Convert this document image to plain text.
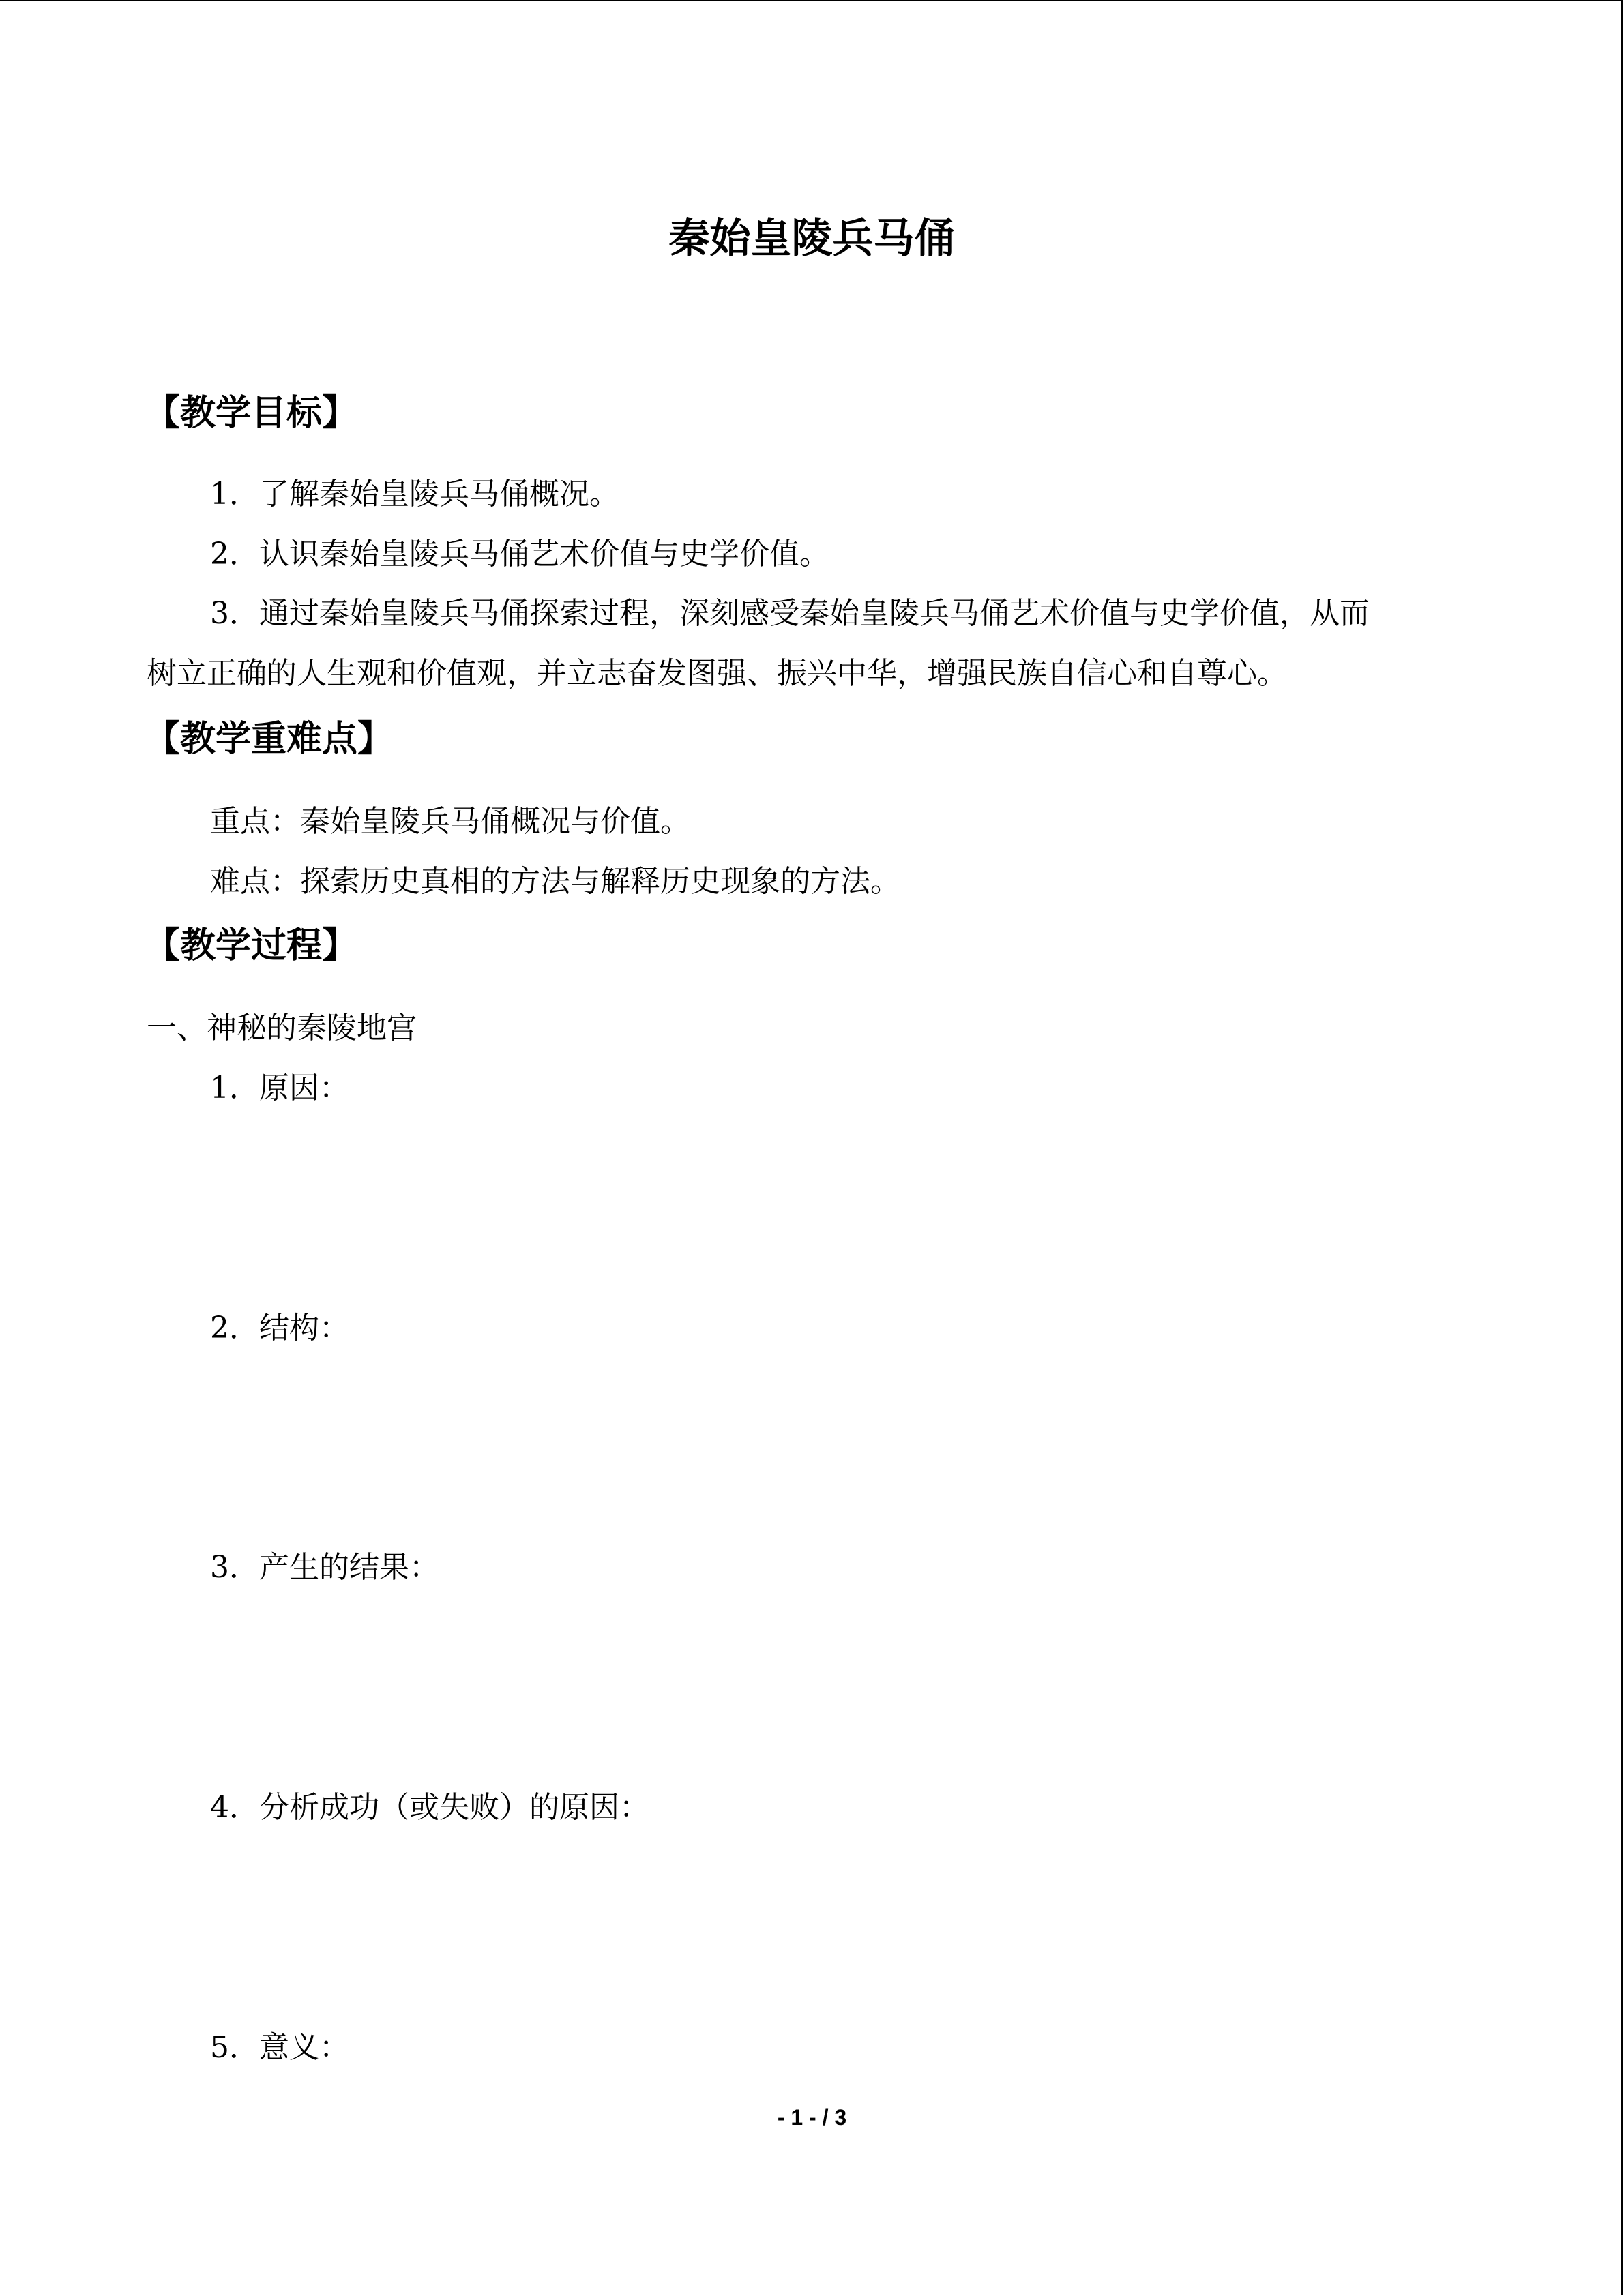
秦始皇陵兵马俑
【教学目标】
1．了解秦始皇陵兵马俑概况。
2．认识秦始皇陵兵马俑艺术价值与史学价值。
3．通过秦始皇陵兵马俑探索过程，深刻感受秦始皇陵兵马俑艺术价值与史学价值，从而
树立正确的人生观和价值观，并立志奋发图强、振兴中华，增强民族自信心和自尊心。
【教学重难点】
重点：秦始皇陵兵马俑概况与价值。
难点：探索历史真相的方法与解释历史现象的方法。
【教学过程】
一、神秘的秦陵地宫
1．原因：
2．结构：
3．产生的结果：
4．分析成功（或失败）的原因：
5．意义：
- 1 - / 3
